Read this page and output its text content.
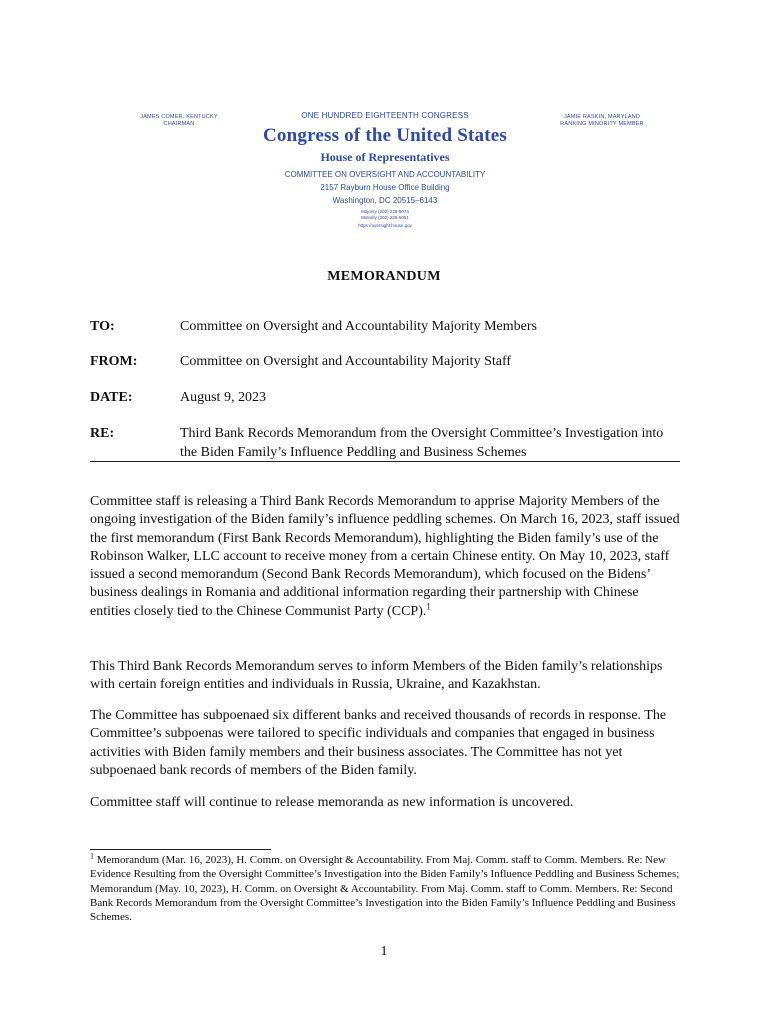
JAMES COMER, KENTUCKY
CHAIRMAN
ONE HUNDRED EIGHTEENTH CONGRESS
Congress of the United States
House of Representatives
COMMITTEE ON OVERSIGHT AND ACCOUNTABILITY
2157 Rayburn House Office Building
Washington, DC 20515–6143
Majority (202) 225-5074
Minority (202) 225-5051
https://oversight.house.gov
JAMIE RASKIN, MARYLAND
RANKING MINORITY MEMBER
MEMORANDUM
TO:	Committee on Oversight and Accountability Majority Members
FROM:	Committee on Oversight and Accountability Majority Staff
DATE:	August 9, 2023
RE:	Third Bank Records Memorandum from the Oversight Committee’s Investigation into the Biden Family’s Influence Peddling and Business Schemes
Committee staff is releasing a Third Bank Records Memorandum to apprise Majority Members of the ongoing investigation of the Biden family’s influence peddling schemes. On March 16, 2023, staff issued the first memorandum (First Bank Records Memorandum), highlighting the Biden family’s use of the Robinson Walker, LLC account to receive money from a certain Chinese entity. On May 10, 2023, staff issued a second memorandum (Second Bank Records Memorandum), which focused on the Bidens’ business dealings in Romania and additional information regarding their partnership with Chinese entities closely tied to the Chinese Communist Party (CCP).$^1$
This Third Bank Records Memorandum serves to inform Members of the Biden family’s relationships with certain foreign entities and individuals in Russia, Ukraine, and Kazakhstan.
The Committee has subpoenaed six different banks and received thousands of records in response. The Committee’s subpoenas were tailored to specific individuals and companies that engaged in business activities with Biden family members and their business associates. The Committee has not yet subpoenaed bank records of members of the Biden family.
Committee staff will continue to release memoranda as new information is uncovered.
$^1$ Memorandum (Mar. 16, 2023), H. Comm. on Oversight & Accountability. From Maj. Comm. staff to Comm. Members. Re: New Evidence Resulting from the Oversight Committee’s Investigation into the Biden Family’s Influence Peddling and Business Schemes; Memorandum (May. 10, 2023), H. Comm. on Oversight & Accountability. From Maj. Comm. staff to Comm. Members. Re: Second Bank Records Memorandum from the Oversight Committee’s Investigation into the Biden Family’s Influence Peddling and Business Schemes.
1
